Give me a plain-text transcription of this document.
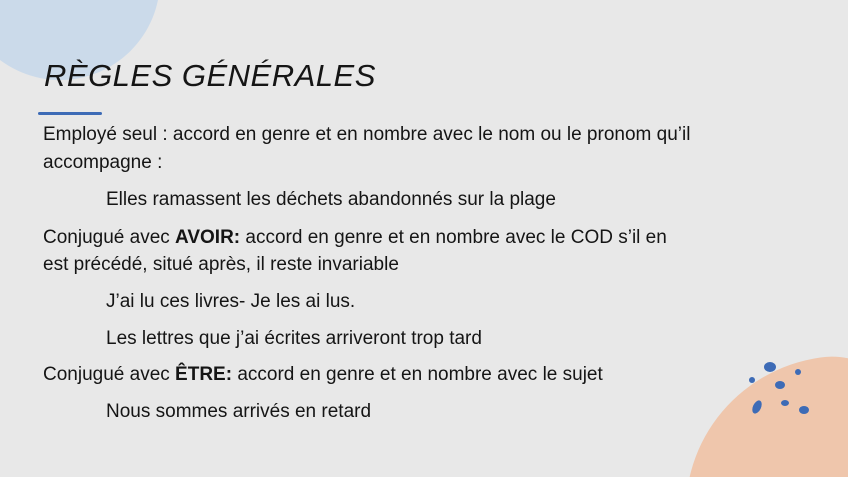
RÈGLES GÉNÉRALES
Employé seul : accord en genre et en nombre avec le nom ou le pronom qu’il
accompagne :
Elles ramassent les déchets abandonnés sur la plage
Conjugué avec AVOIR: accord en genre et en nombre avec le COD s’il en
est précédé, situé après, il reste invariable
J’ai lu ces livres- Je les ai lus.
Les lettres que j’ai écrites arriveront trop tard
Conjugué avec ÊTRE: accord en genre et en nombre avec le sujet
Nous sommes arrivés en retard
